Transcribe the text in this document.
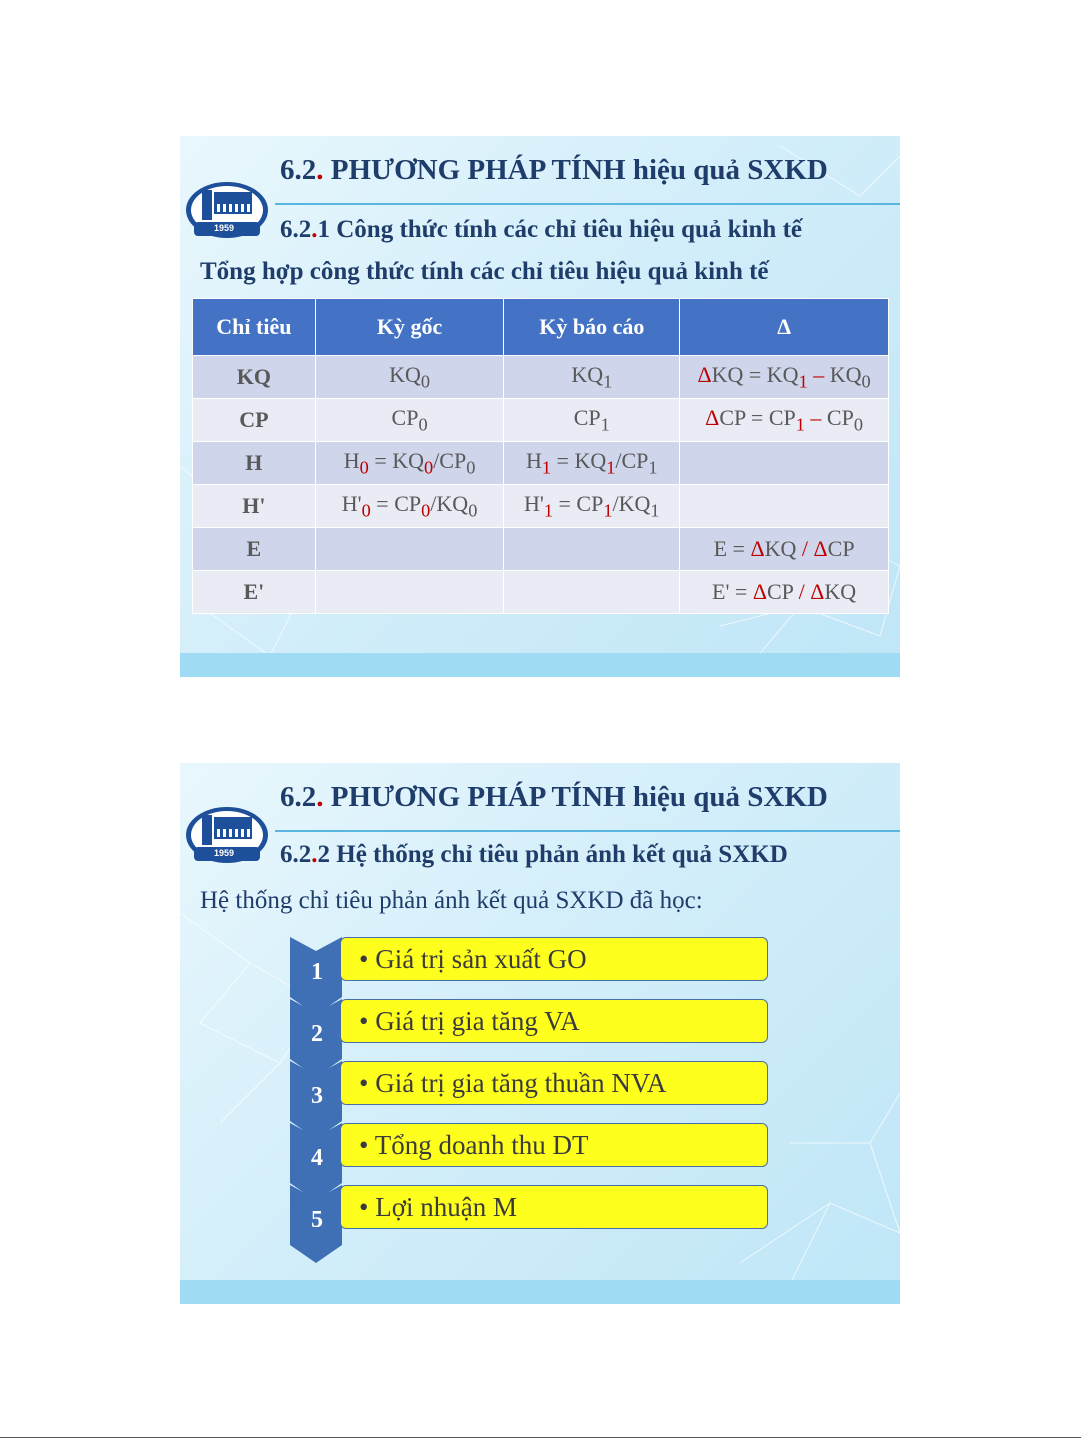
1959
6.2. PHƯƠNG PHÁP TÍNH hiệu quả SXKD
6.2.1 Công thức tính các chỉ tiêu hiệu quả kinh tế
Tổng hợp công thức tính các chỉ tiêu hiệu quả kinh tế
Chỉ tiêu	Kỳ gốc	Kỳ báo cáo	Δ
KQ	$KQ_0$	$KQ_1$	$\Delta KQ = KQ_1 - KQ_0$
CP	$CP_0$	$CP_1$	$\Delta CP = CP_1 - CP_0$
H	$H_0 = KQ_0/CP_0$	$H_1 = KQ_1/CP_1$	
H'	$H'_0 = CP_0/KQ_0$	$H'_1 = CP_1/KQ_1$	
E			E = ΔKQ / ΔCP
E'			E' = ΔCP / ΔKQ
1959
6.2. PHƯƠNG PHÁP TÍNH hiệu quả SXKD
6.2.2 Hệ thống chỉ tiêu phản ánh kết quả SXKD
Hệ thống chỉ tiêu phản ánh kết quả SXKD đã học:
1 • Giá trị sản xuất GO
2 • Giá trị gia tăng VA
3 • Giá trị gia tăng thuần NVA
4 • Tổng doanh thu DT
5 • Lợi nhuận M
